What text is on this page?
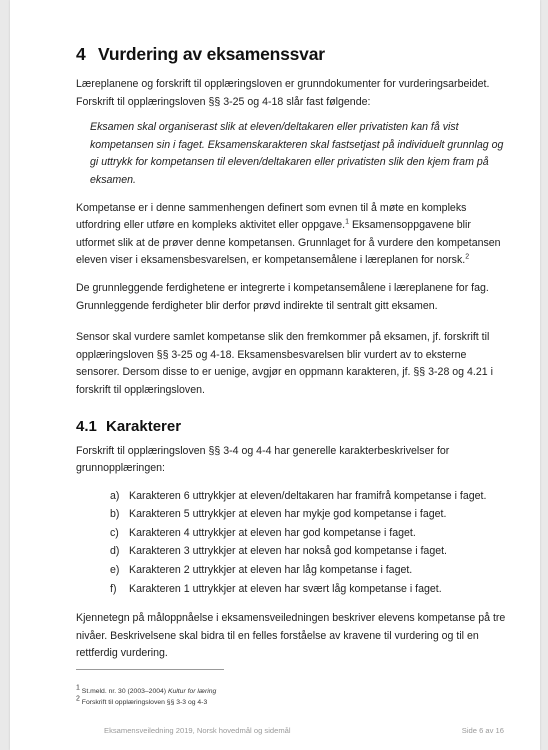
4 Vurdering av eksamenssvar

Læreplanene og forskrift til opplæringsloven er grunndokumenter for vurderingsarbeidet. Forskrift til opplæringsloven §§ 3-25 og 4-18 slår fast følgende:

Eksamen skal organiserast slik at eleven/deltakaren eller privatisten kan få vist kompetansen sin i faget. Eksamenskarakteren skal fastsetjast på individuelt grunnlag og gi uttrykk for kompetansen til eleven/deltakaren eller privatisten slik den kjem fram på eksamen.

Kompetanse er i denne sammenhengen definert som evnen til å møte en kompleks utfordring eller utføre en kompleks aktivitet eller oppgave.$^1$ Eksamensoppgavene blir utformet slik at de prøver denne kompetansen. Grunnlaget for å vurdere den kompetansen eleven viser i eksamensbesvarelsen, er kompetansemålene i læreplanen for norsk.$^2$

De grunnleggende ferdighetene er integrerte i kompetansemålene i læreplanene for fag. Grunnleggende ferdigheter blir derfor prøvd indirekte til sentralt gitt eksamen.

Sensor skal vurdere samlet kompetanse slik den fremkommer på eksamen, jf. forskrift til opplæringsloven §§ 3-25 og 4-18. Eksamensbesvarelsen blir vurdert av to eksterne sensorer. Dersom disse to er uenige, avgjør en oppmann karakteren, jf. §§ 3-28 og 4.21 i forskrift til opplæringsloven.

4.1 Karakterer

Forskrift til opplæringsloven §§ 3-4 og 4-4 har generelle karakterbeskrivelser for grunnopplæringen:

a) Karakteren 6 uttrykkjer at eleven/deltakaren har framifrå kompetanse i faget.
b) Karakteren 5 uttrykkjer at eleven har mykje god kompetanse i faget.
c) Karakteren 4 uttrykkjer at eleven har god kompetanse i faget.
d) Karakteren 3 uttrykkjer at eleven har nokså god kompetanse i faget.
e) Karakteren 2 uttrykkjer at eleven har låg kompetanse i faget.
f)	Karakteren 1 uttrykkjer at eleven har svært låg kompetanse i faget.

Kjennetegn på måloppnåelse i eksamensveiledningen beskriver elevens kompetanse på tre nivåer. Beskrivelsene skal bidra til en felles forståelse av kravene til vurdering og til en rettferdig vurdering.

$^1$ St.meld. nr. 30 (2003–2004) Kultur for læring
$^2$ Forskrift til opplæringsloven §§ 3-3 og 4-3
Eksamensveiledning 2019, Norsk hovedmål og sidemål	Side 6 av 16
